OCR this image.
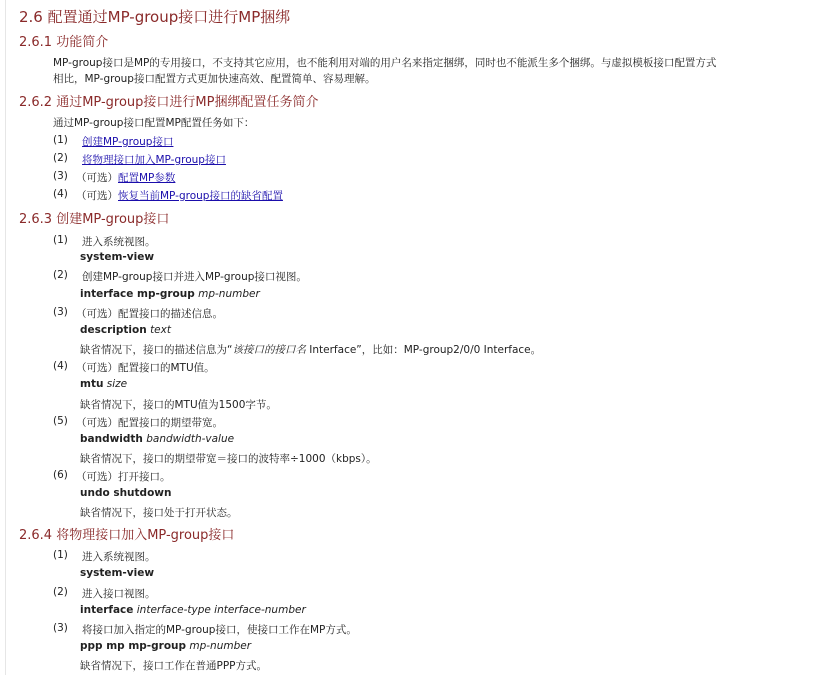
2.6 配置通过MP-group接口进行MP捆绑
2.6.1 功能简介
MP-group接口是MP的专用接口，不支持其它应用，也不能利用对端的用户名来指定捆绑，同时也不能派生多个捆绑。与虚拟模板接口配置方式
相比，MP-group接口配置方式更加快速高效、配置简单、容易理解。
2.6.2 通过MP-group接口进行MP捆绑配置任务简介
通过MP-group接口配置MP配置任务如下：
(1) 创建MP-group接口
(2) 将物理接口加入MP-group接口
(3) （可选）配置MP参数
(4) （可选）恢复当前MP-group接口的缺省配置
2.6.3 创建MP-group接口
(1) 进入系统视图。
system-view
(2) 创建MP-group接口并进入MP-group接口视图。
interface mp-group mp-number
(3) （可选）配置接口的描述信息。
description text
缺省情况下，接口的描述信息为“该接口的接口名 Interface”，比如：MP-group2/0/0 Interface。
(4) （可选）配置接口的MTU值。
mtu size
缺省情况下，接口的MTU值为1500字节。
(5) （可选）配置接口的期望带宽。
bandwidth bandwidth-value
缺省情况下，接口的期望带宽＝接口的波特率÷1000（kbps）。
(6) （可选）打开接口。
undo shutdown
缺省情况下，接口处于打开状态。
2.6.4 将物理接口加入MP-group接口
(1) 进入系统视图。
system-view
(2) 进入接口视图。
interface interface-type interface-number
(3) 将接口加入指定的MP-group接口，使接口工作在MP方式。
ppp mp mp-group mp-number
缺省情况下，接口工作在普通PPP方式。
